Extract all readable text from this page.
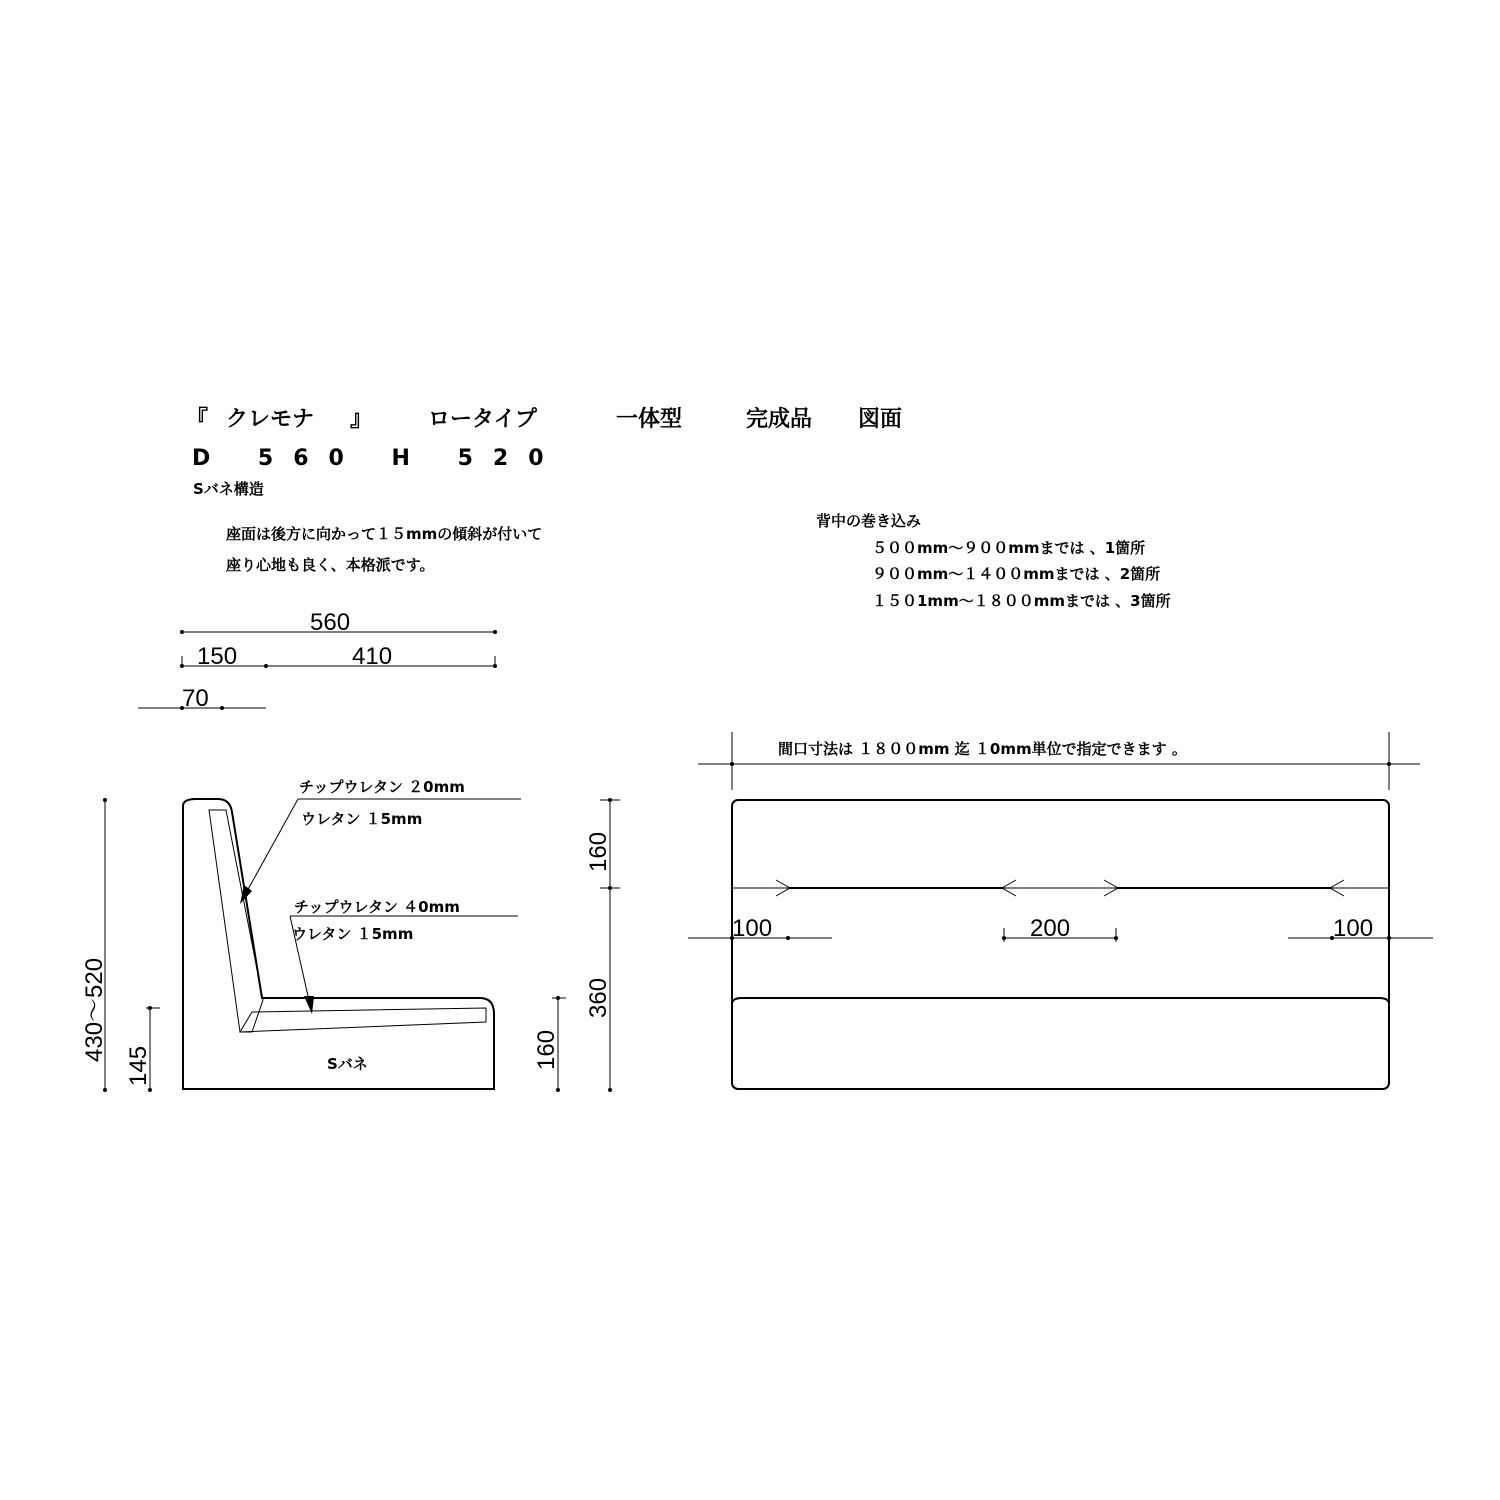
『 クレモナ 』	ロータイプ	一体型	完成品 図面
D 560 H 520
Sバネ構造
座面は後方に向かって１５mmの傾斜が付いて
座り心地も良く、本格派です。
背中の巻き込み
５００mm～９００mmまでは 、1箇所
９００mm～１４００mmまでは 、2箇所
１５０1mm～１８００mmまでは 、3箇所
560
150	410
70
Sバネ
チップウレタン ２0mm
ウレタン １5mm
チップウレタン ４0mm
ウレタン １5mm
430～520
145
160
360
160
間口寸法は １８００mm 迄 １0mm単位で指定できます 。
100	200	100
